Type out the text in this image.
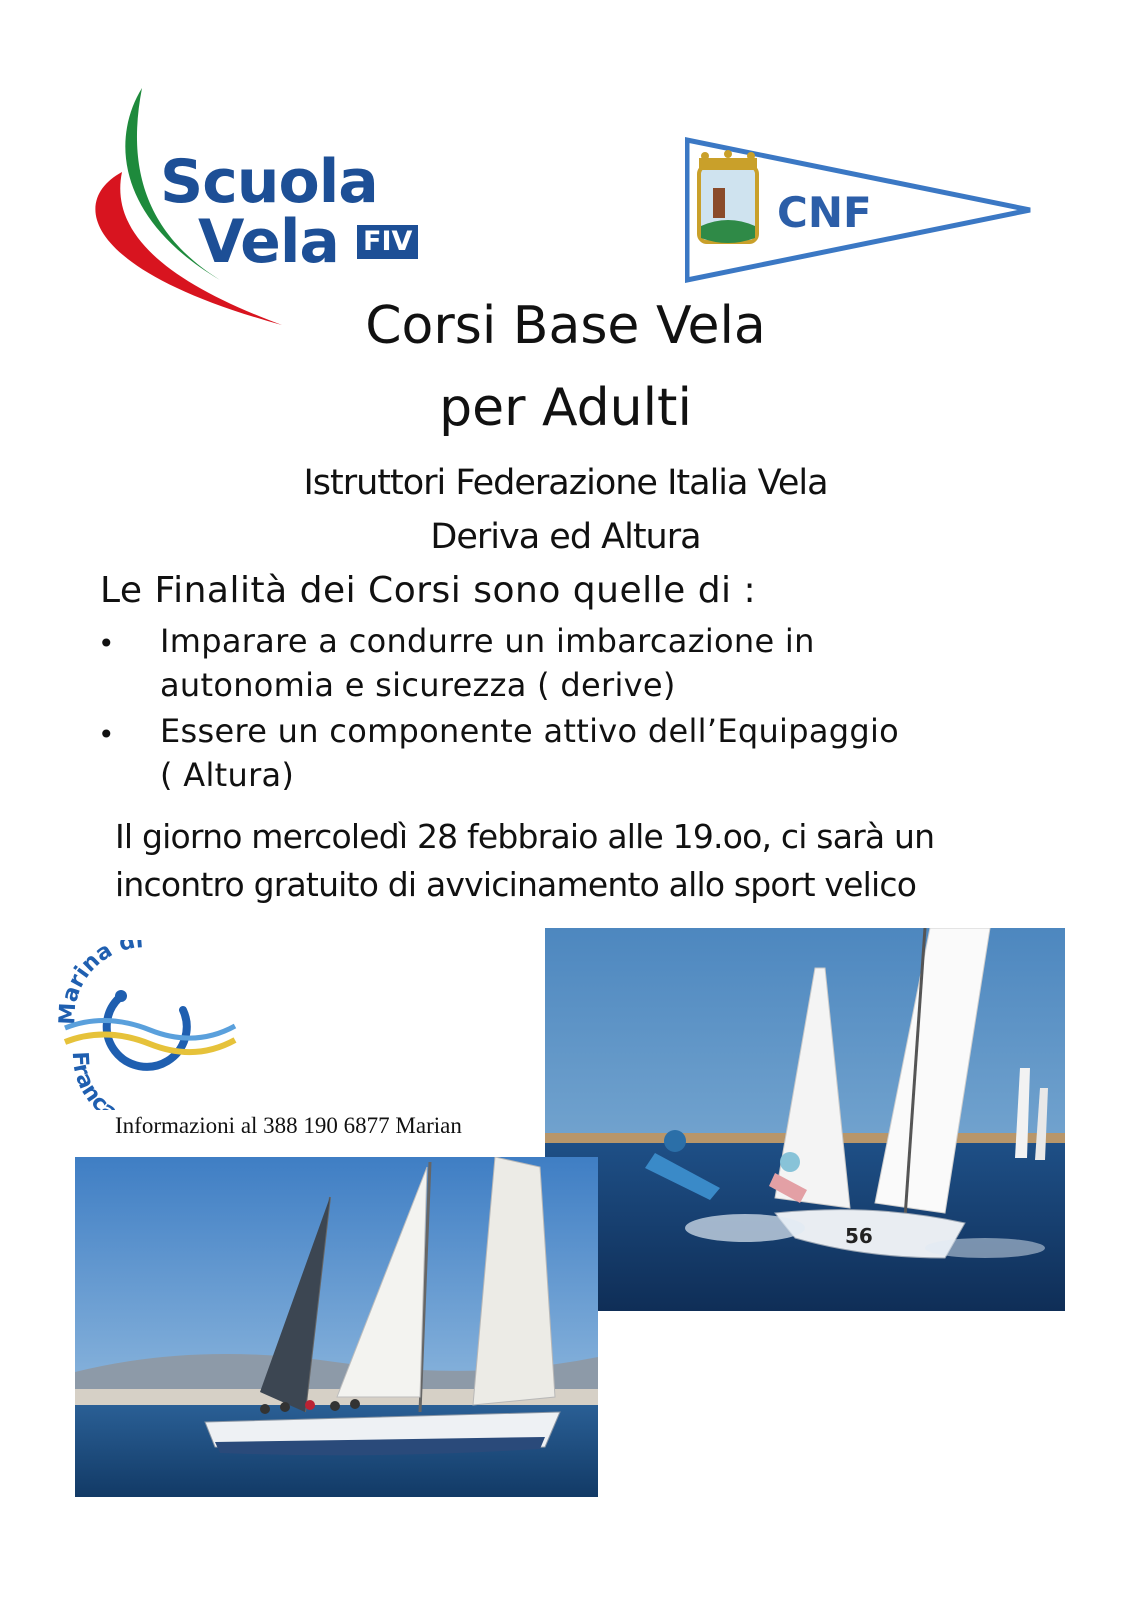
Scuola
Vela FIV
CNF
Corsi Base Vela
per Adulti
Istruttori Federazione Italia Vela
Deriva ed Altura
Le Finalità dei Corsi sono quelle di :
• Imparare a condurre un imbarcazione in
autonomia e sicurezza ( derive)
• Essere un componente attivo dell’Equipaggio
( Altura)
Il giorno mercoledì 28 febbraio alle 19.oo, ci sarà un
incontro gratuito di avvicinamento allo sport velico
Marina di
Franc
Informazioni al 388 190 6877 Marian
56
